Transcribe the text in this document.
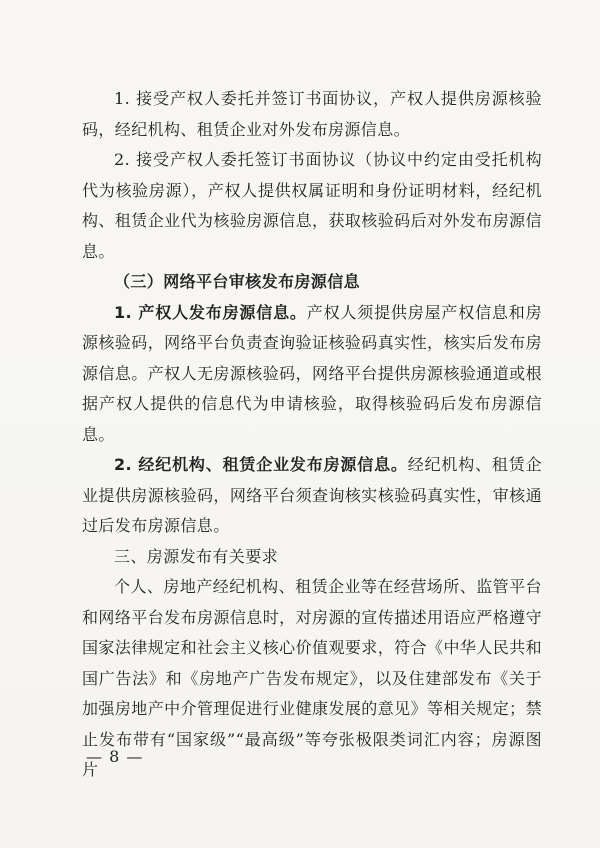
1. 接受产权人委托并签订书面协议，产权人提供房源核验码，经纪机构、租赁企业对外发布房源信息。

2. 接受产权人委托签订书面协议（协议中约定由受托机构代为核验房源），产权人提供权属证明和身份证明材料，经纪机构、租赁企业代为核验房源信息，获取核验码后对外发布房源信息。

（三）网络平台审核发布房源信息

1. 产权人发布房源信息。产权人须提供房屋产权信息和房源核验码，网络平台负责查询验证核验码真实性，核实后发布房源信息。产权人无房源核验码，网络平台提供房源核验通道或根据产权人提供的信息代为申请核验，取得核验码后发布房源信息。

2. 经纪机构、租赁企业发布房源信息。经纪机构、租赁企业提供房源核验码，网络平台须查询核实核验码真实性，审核通过后发布房源信息。

三、房源发布有关要求

个人、房地产经纪机构、租赁企业等在经营场所、监管平台和网络平台发布房源信息时，对房源的宣传描述用语应严格遵守国家法律规定和社会主义核心价值观要求，符合《中华人民共和国广告法》和《房地产广告发布规定》，以及住建部发布《关于加强房地产中介管理促进行业健康发展的意见》等相关规定；禁止发布带有“国家级”“最高级”等夸张极限类词汇内容；房源图片

— 8 —
